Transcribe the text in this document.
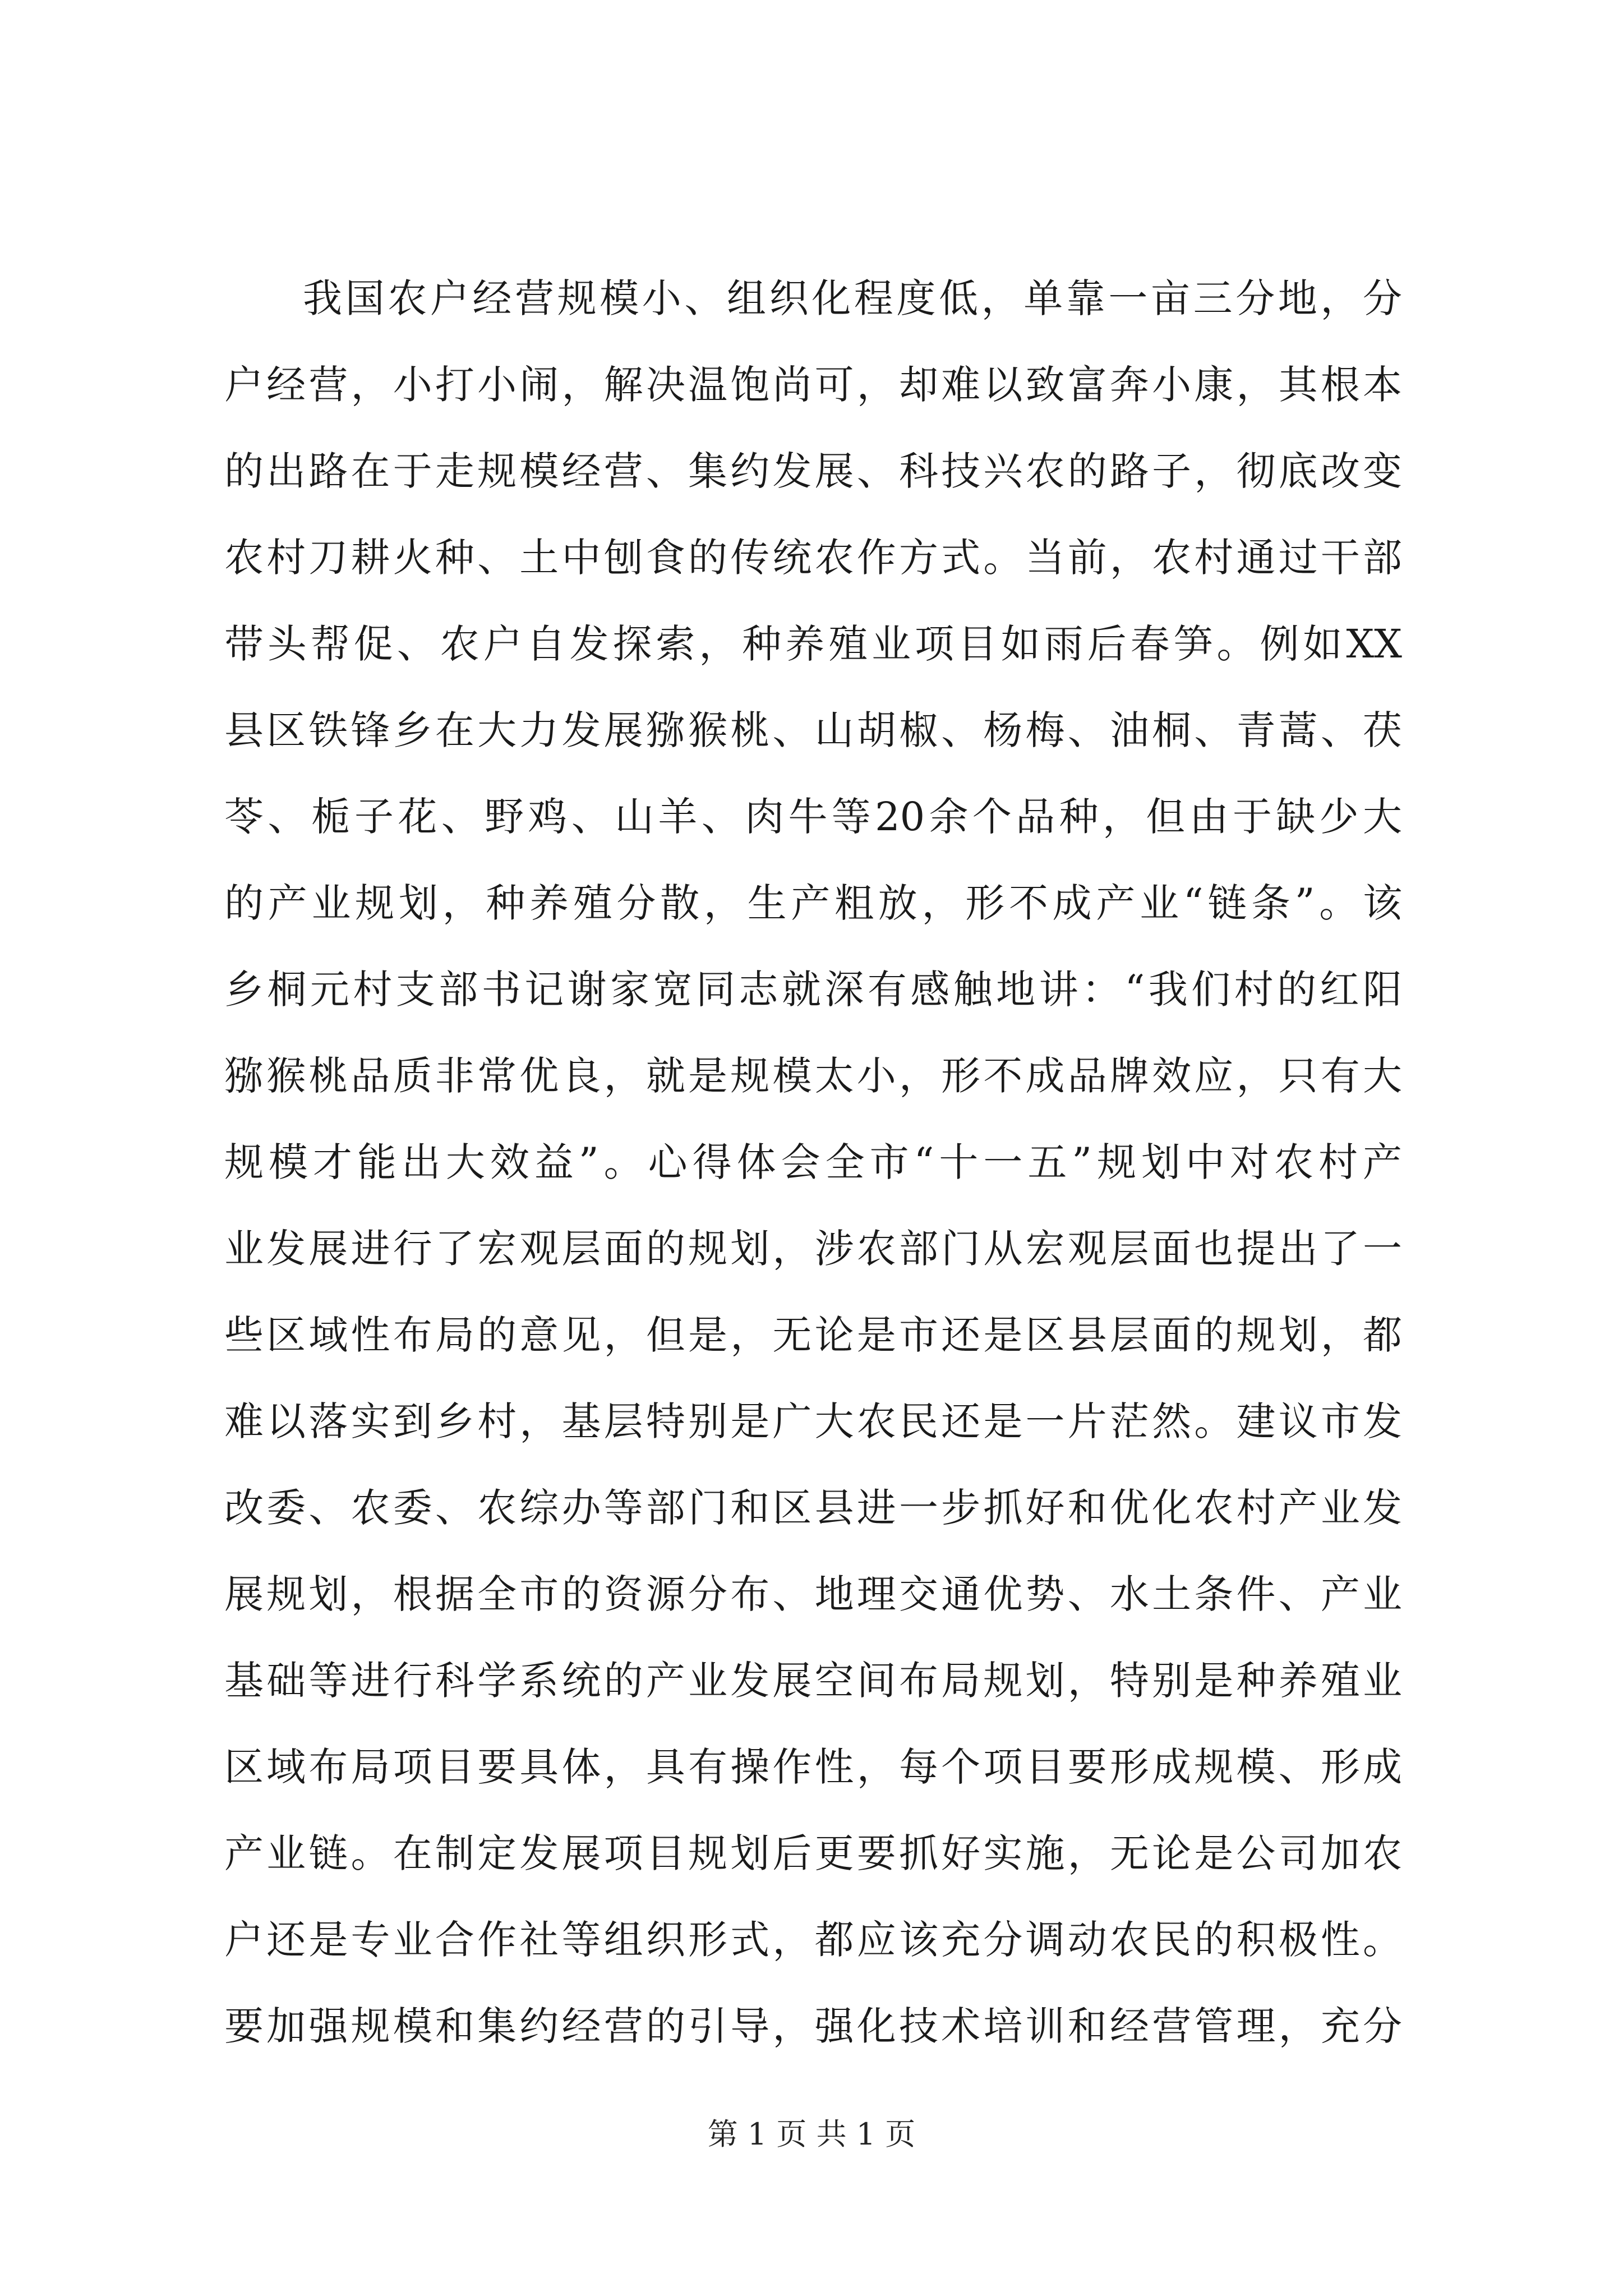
我国农户经营规模小、组织化程度低，单靠一亩三分地，分
户经营，小打小闹，解决温饱尚可，却难以致富奔小康，其根本
的出路在于走规模经营、集约发展、科技兴农的路子，彻底改变
农村刀耕火种、土中刨食的传统农作方式。当前，农村通过干部
带头帮促、农户自发探索，种养殖业项目如雨后春笋。例如XX
县区铁锋乡在大力发展猕猴桃、山胡椒、杨梅、油桐、青蒿、茯
苓、栀子花、野鸡、山羊、肉牛等20余个品种，但由于缺少大
的产业规划，种养殖分散，生产粗放，形不成产业“链条”。该
乡桐元村支部书记谢家宽同志就深有感触地讲：“我们村的红阳
猕猴桃品质非常优良，就是规模太小，形不成品牌效应，只有大
规模才能出大效益”。心得体会全市“十一五”规划中对农村产
业发展进行了宏观层面的规划，涉农部门从宏观层面也提出了一
些区域性布局的意见，但是，无论是市还是区县层面的规划，都
难以落实到乡村，基层特别是广大农民还是一片茫然。建议市发
改委、农委、农综办等部门和区县进一步抓好和优化农村产业发
展规划，根据全市的资源分布、地理交通优势、水土条件、产业
基础等进行科学系统的产业发展空间布局规划，特别是种养殖业
区域布局项目要具体，具有操作性，每个项目要形成规模、形成
产业链。在制定发展项目规划后更要抓好实施，无论是公司加农
户还是专业合作社等组织形式，都应该充分调动农民的积极性。
要加强规模和集约经营的引导，强化技术培训和经营管理，充分
第 1 页 共 1 页
